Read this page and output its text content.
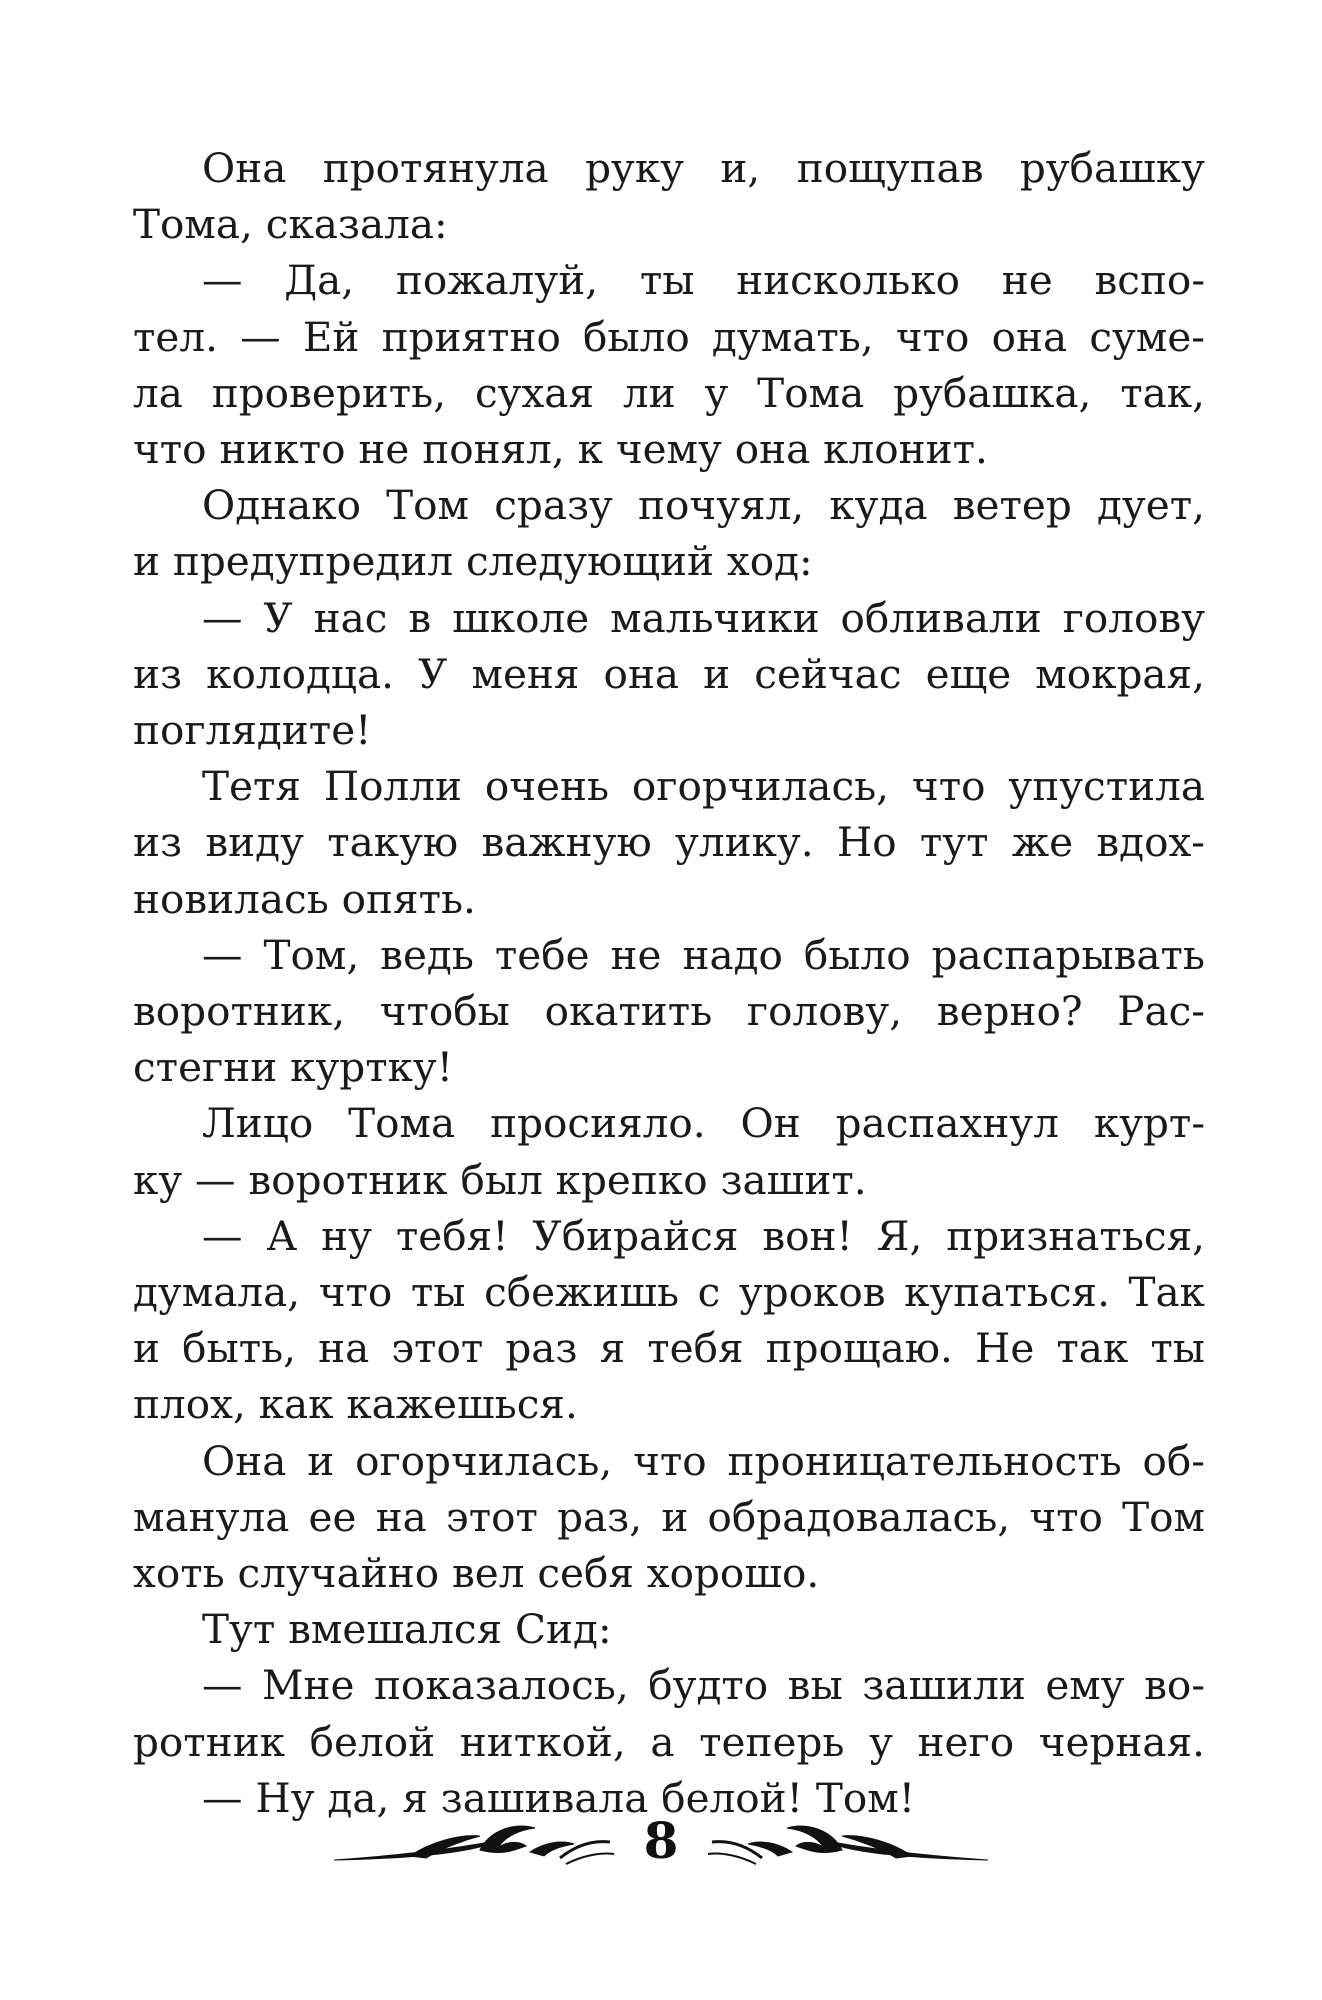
Она протянула руку и, пощупав рубашку
Тома, сказала:
— Да, пожалуй, ты нисколько не вспо-
тел. — Ей приятно было думать, что она суме-
ла проверить, сухая ли у Тома рубашка, так,
что никто не понял, к чему она клонит.
Однако Том сразу почуял, куда ветер дует,
и предупредил следующий ход:
— У нас в школе мальчики обливали голову
из колодца. У меня она и сейчас еще мокрая,
поглядите!
Тетя Полли очень огорчилась, что упустила
из виду такую важную улику. Но тут же вдох-
новилась опять.
— Том, ведь тебе не надо было распарывать
воротник, чтобы окатить голову, верно? Рас-
стегни куртку!
Лицо Тома просияло. Он распахнул курт-
ку — воротник был крепко зашит.
— А ну тебя! Убирайся вон! Я, признаться,
думала, что ты сбежишь с уроков купаться. Так
и быть, на этот раз я тебя прощаю. Не так ты
плох, как кажешься.
Она и огорчилась, что проницательность об-
манула ее на этот раз, и обрадовалась, что Том
хоть случайно вел себя хорошо.
Тут вмешался Сид:
— Мне показалось, будто вы зашили ему во-
ротник белой ниткой, а теперь у него черная.
— Ну да, я зашивала белой! Том!
8
